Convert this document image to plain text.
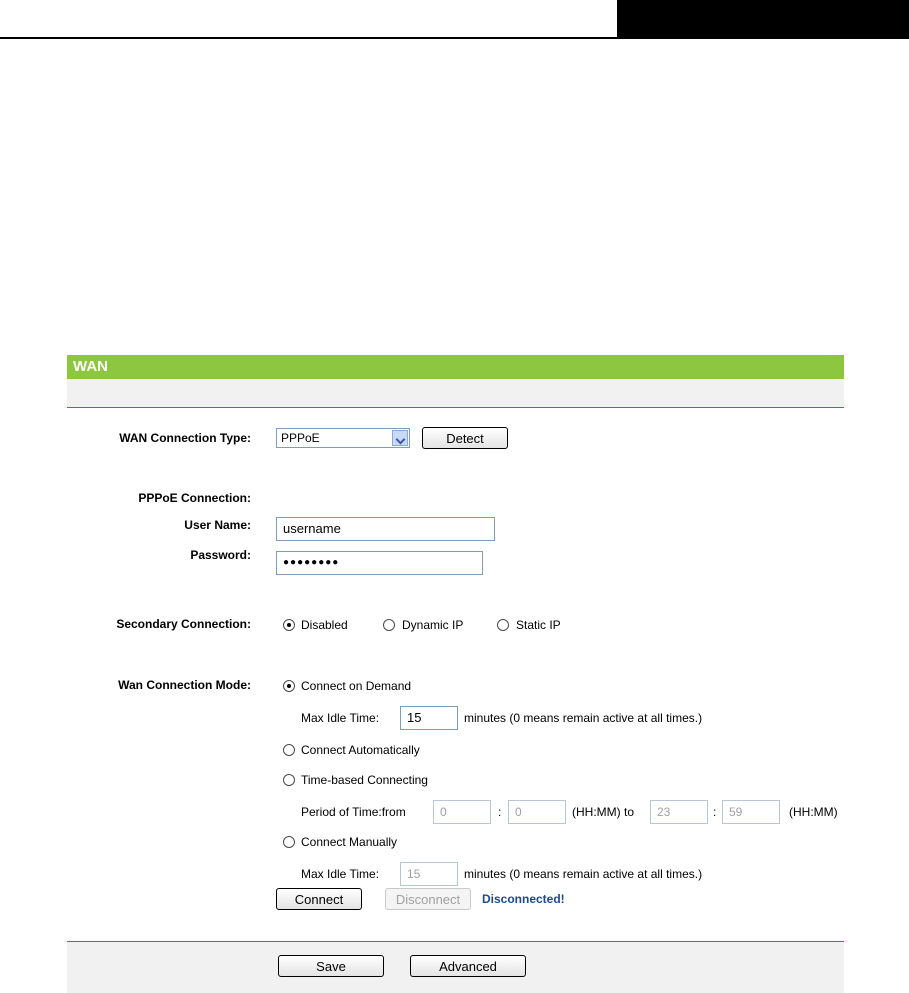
WAN
WAN Connection Type:	PPPoE	Detect
PPPoE Connection:
User Name:	username
Password:
●●●●●●●●
Secondary Connection:	Disabled	Dynamic IP	Static IP
Wan Connection Mode:	Connect on Demand
Max Idle Time:	15	minutes (0 means remain active at all times.)
Connect Automatically
Time-based Connecting
Period of Time:from	0	:	0	(HH:MM) to	23	:	59	(HH:MM)
Connect Manually
Max Idle Time:	15	minutes (0 means remain active at all times.)
Connect	Disconnect	Disconnected!
Save	Advanced
